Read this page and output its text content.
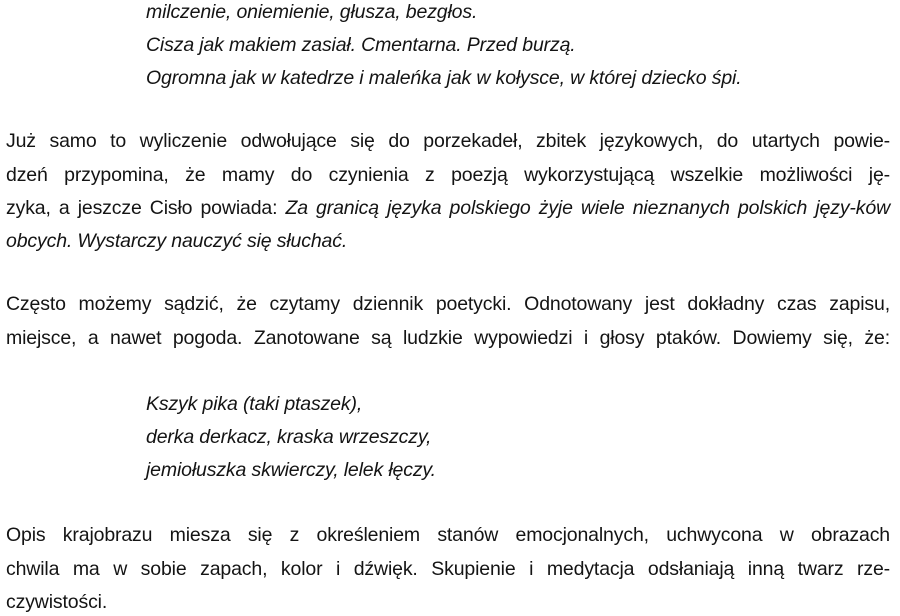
milczenie, oniemienie, głusza, bezgłos.
Cisza jak makiem zasiał. Cmentarna. Przed burzą.
Ogromna jak w katedrze i maleńka jak w kołysce, w której dziecko śpi.
Już samo to wyliczenie odwołujące się do porzekadeł, zbitek językowych, do utartych powie-
dzeń przypomina, że mamy do czynienia z poezją wykorzystującą wszelkie możliwości ję-
zyka, a jeszcze Cisło powiada: Za granicą języka polskiego żyje wiele nieznanych polskich języ-ków
obcych. Wystarczy nauczyć się słuchać.
Często możemy sądzić, że czytamy dziennik poetycki. Odnotowany jest dokładny czas zapisu,
miejsce, a nawet pogoda. Zanotowane są ludzkie wypowiedzi i głosy ptaków. Dowiemy się, że:
Kszyk pika (taki ptaszek),
derka derkacz, kraska wrzeszczy,
jemiołuszka skwierczy, lelek łęczy.
Opis krajobrazu miesza się z określeniem stanów emocjonalnych, uchwycona w obrazach
chwila ma w sobie zapach, kolor i dźwięk. Skupienie i medytacja odsłaniają inną twarz rze-
czywistości.
